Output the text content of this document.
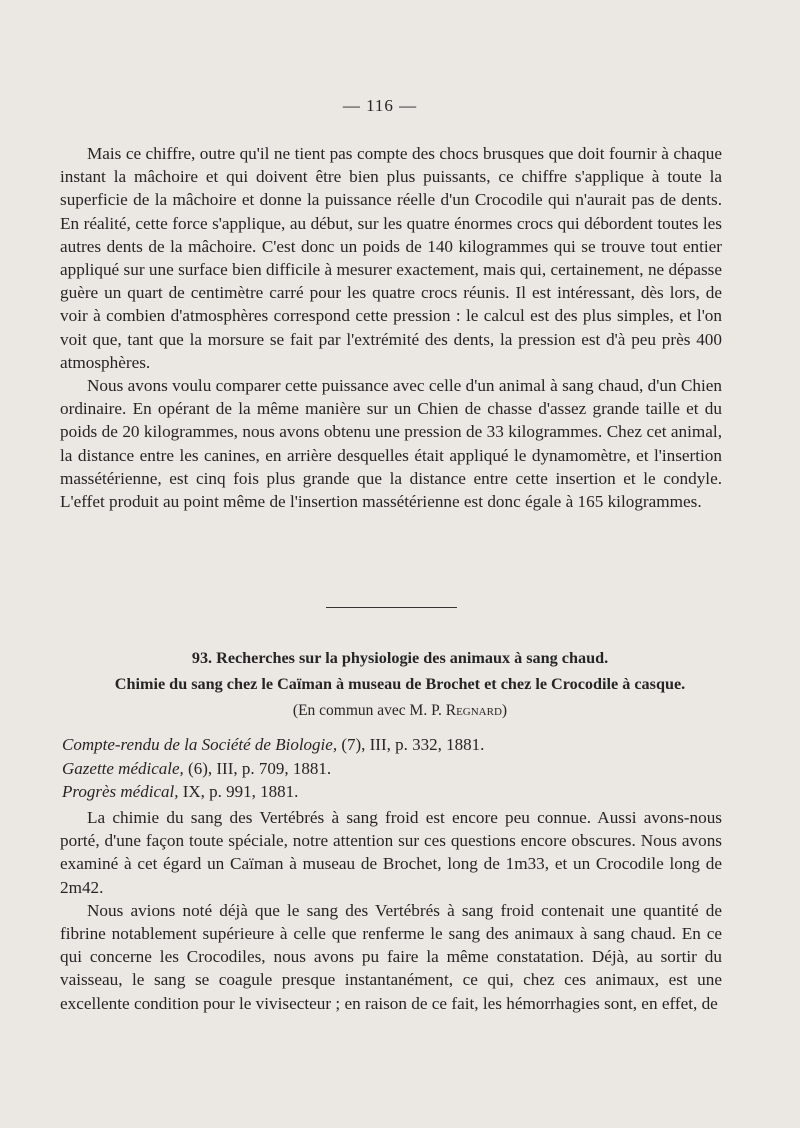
— 116 —

Mais ce chiffre, outre qu'il ne tient pas compte des chocs brusques que doit fournir à chaque instant la mâchoire et qui doivent être bien plus puissants, ce chiffre s'applique à toute la superficie de la mâchoire et donne la puissance réelle d'un Crocodile qui n'aurait pas de dents. En réalité, cette force s'applique, au début, sur les quatre énormes crocs qui débordent toutes les autres dents de la mâchoire. C'est donc un poids de 140 kilogrammes qui se trouve tout entier appliqué sur une surface bien difficile à mesurer exactement, mais qui, certainement, ne dépasse guère un quart de centimètre carré pour les quatre crocs réunis. Il est intéressant, dès lors, de voir à combien d'atmosphères correspond cette pression : le calcul est des plus simples, et l'on voit que, tant que la morsure se fait par l'extrémité des dents, la pression est d'à peu près 400 atmosphères.

Nous avons voulu comparer cette puissance avec celle d'un animal à sang chaud, d'un Chien ordinaire. En opérant de la même manière sur un Chien de chasse d'assez grande taille et du poids de 20 kilogrammes, nous avons obtenu une pression de 33 kilogrammes. Chez cet animal, la distance entre les canines, en arrière desquelles était appliqué le dynamomètre, et l'insertion massétérienne, est cinq fois plus grande que la distance entre cette insertion et le condyle. L'effet produit au point même de l'insertion massétérienne est donc égale à 165 kilogrammes.

93. Recherches sur la physiologie des animaux à sang chaud.
Chimie du sang chez le Caïman à museau de Brochet et chez le Crocodile à casque.
(En commun avec M. P. Regnard)
Compte-rendu de la Société de Biologie, (7), III, p. 332, 1881.
Gazette médicale, (6), III, p. 709, 1881.
Progrès médical, IX, p. 991, 1881.

La chimie du sang des Vertébrés à sang froid est encore peu connue. Aussi avons-nous porté, d'une façon toute spéciale, notre attention sur ces questions encore obscures. Nous avons examiné à cet égard un Caïman à museau de Brochet, long de 1m33, et un Crocodile long de 2m42.

Nous avions noté déjà que le sang des Vertébrés à sang froid contenait une quantité de fibrine notablement supérieure à celle que renferme le sang des animaux à sang chaud. En ce qui concerne les Crocodiles, nous avons pu faire la même constatation. Déjà, au sortir du vaisseau, le sang se coagule presque instantanément, ce qui, chez ces animaux, est une excellente condition pour le vivisecteur ; en raison de ce fait, les hémorrhagies sont, en effet, de
